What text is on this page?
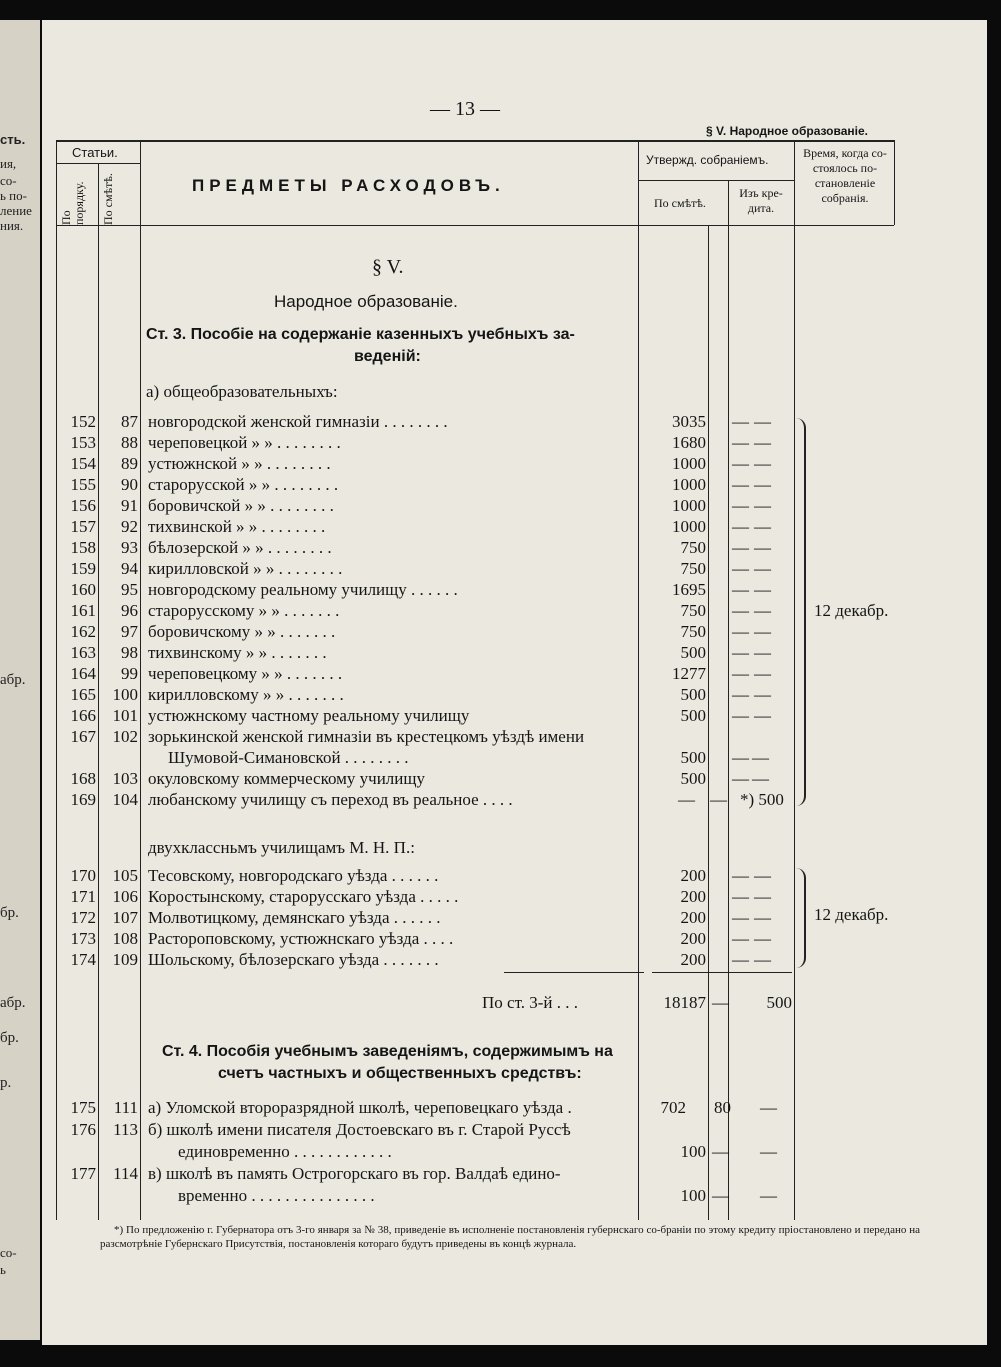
сть.
ия,
со-
ь по-
ление
ния.
абр.
бр.
абр.
бр.
р.
со-
ь
— 13 —
§ V. Народное образованіе.
Статьи.
По порядку. По смѣтѣ.	ПРЕДМЕТЫ РАСХОДОВЪ.
Утвержд. собраніемъ.
По смѣтѣ.
Изъ кре-дита.
Время, когда со-стоялось по-становленіе собранія.
§ V.
Народное образованіе.
Ст. 3. Пособіе на содержаніе казенныхъ учебныхъ за-
веденій:
а) общеобразовательныхъ:
152	87 новгородской женской гимназіи . . . . . . . .	3035 — —
153	88 череповецкой » » . . . . . . . .	1680 — —
154	89 устюжнской » » . . . . . . . .	1000 — —
155	90 старорусской » » . . . . . . . .	1000 — —
156	91 боровичской » » . . . . . . . .	1000 — —
157	92 тихвинской » » . . . . . . . .	1000 — —
158	93 бѣлозерской » » . . . . . . . .	750 — —
159	94 кирилловской » » . . . . . . . .	750 — —
160	95 новгородскому реальному училищу . . . . . .	1695 — —
161	96 старорусскому » » . . . . . . .	750 — —	12 декабр.
162	97 боровичскому » » . . . . . . .	750 — —
163	98 тихвинскому » » . . . . . . .	500 — —
164	99 череповецкому » » . . . . . . .	1277 — —
165 100 кирилловскому » » . . . . . . .	500 — —
166 101 устюжнскому частному реальному училищу	500 — —
167 102 зорькинской женской гимназіи въ крестецкомъ уѣздѣ имени
Шумовой-Симановской . . . . . . . .	500 — —
168 103 окуловскому коммерческому училищу	500 — —
169 104 любанскому училищу съ переход въ реальное . . . .	— — *) 500
двухклассньмъ училищамъ М. Н. П.:
170 105 Тесовскому, новгородскаго уѣзда . . . . . .	200 — —
171 106 Коростынскому, старорусскаго уѣзда . . . . .	200 — —
172 107 Молвотицкому, демянскаго уѣзда . . . . . .	200 — —
173 108 Растороповскому, устюжнскаго уѣзда . . . .	200 — —
174 109 Шольскому, бѣлозерскаго уѣзда . . . . . . .	200 — —
12 декабр.
По ст. 3-й . . .	18187 —	500
Ст. 4. Пособія учебнымъ заведеніямъ, содержимымъ на
счетъ частныхъ и общественныхъ средствъ:
175	111 а) Уломской второразрядной школѣ, череповецкаго уѣзда .	702 80 —
176	113 б) школѣ имени писателя Достоевскаго въ г. Старой Руссѣ
единовременно . . . . . . . . . . . .	100 — —
177	114 в) школѣ въ память Острогорскаго въ гор. Валдаѣ едино-
временно . . . . . . . . . . . . . . .	100 — —
*) По предложенію г. Губернатора отъ 3-го января за № 38, приведеніе въ исполненіе постановленія губернскаго со-браніи по этому кредиту пріостановлено и передано на разсмотрѣніе Губернскаго Присутствія, постановленія котораго будутъ приведены въ концѣ журнала.
